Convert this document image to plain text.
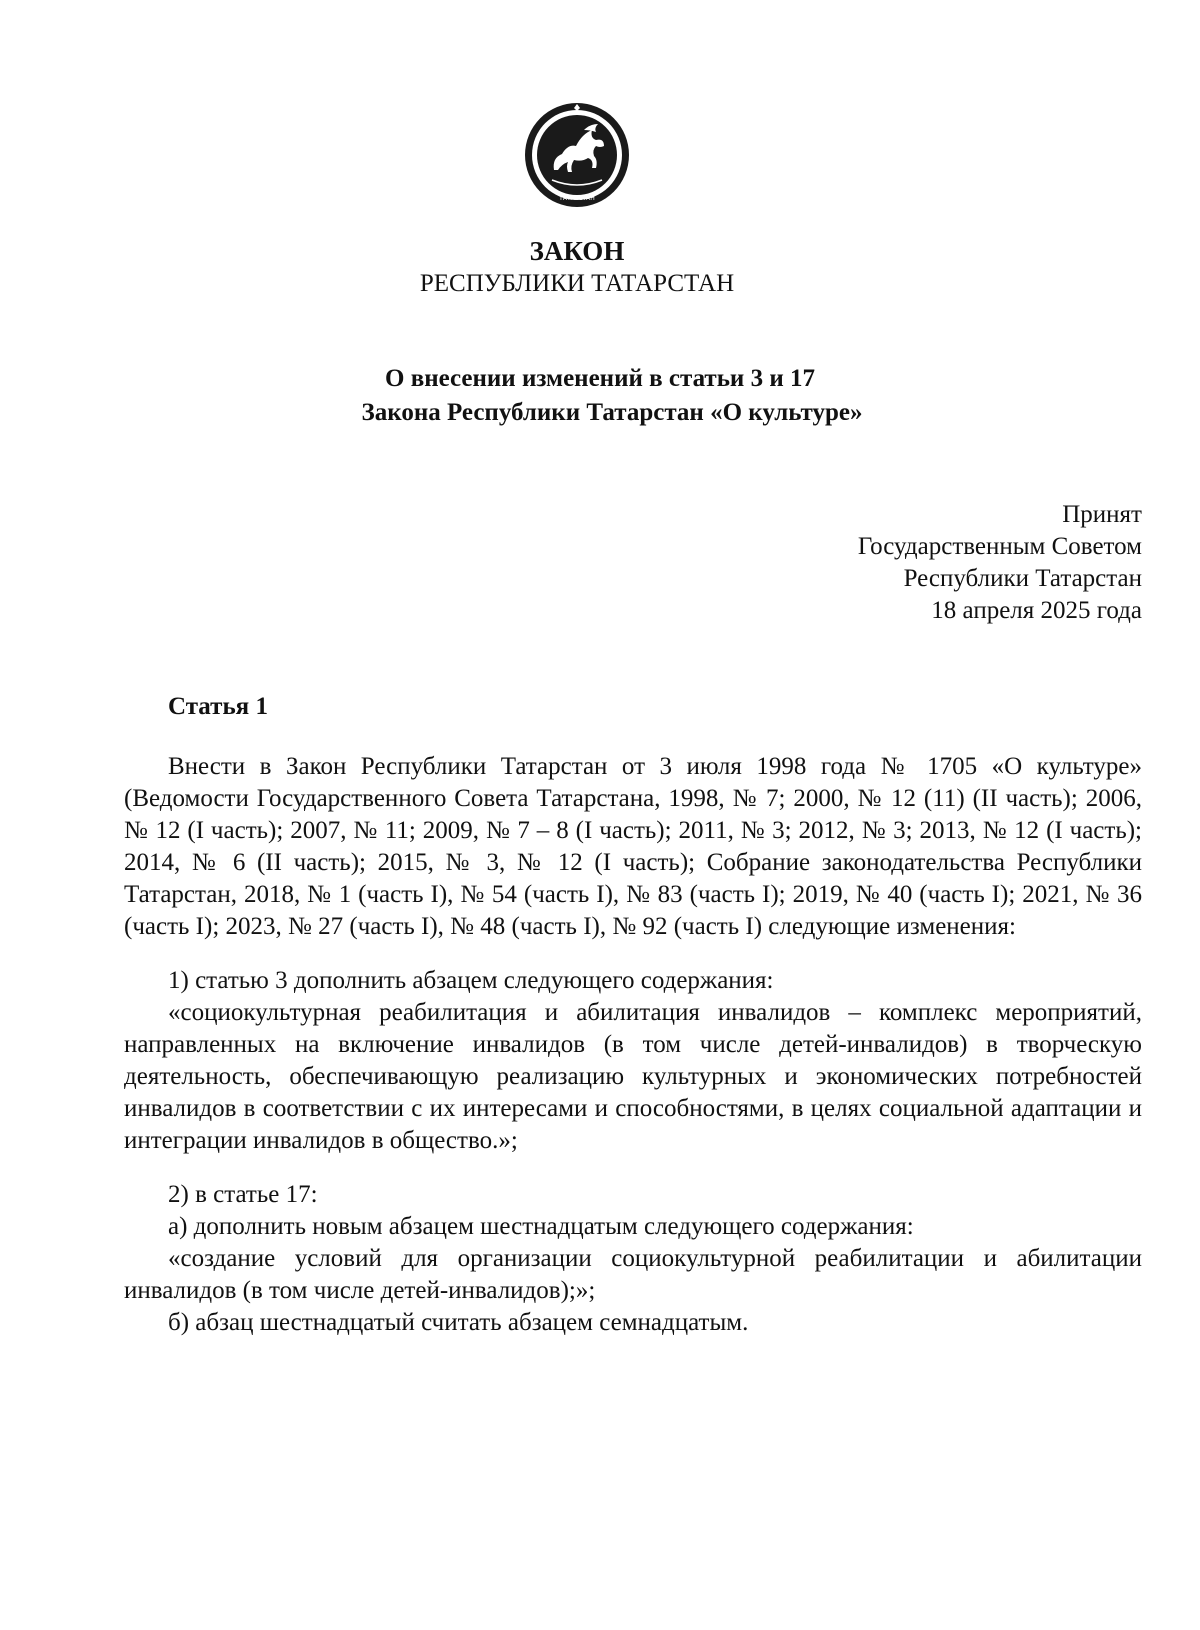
ТАТАРСТАН
ЗАКОН
РЕСПУБЛИКИ ТАТАРСТАН
О внесении изменений в статьи 3 и 17
Закона Республики Татарстан «О культуре»
Принят
Государственным Советом
Республики Татарстан
18 апреля 2025 года
Статья 1

Внести в Закон Республики Татарстан от 3 июля 1998 года № 1705 «О культуре» (Ведомости Государственного Совета Татарстана, 1998, № 7; 2000, № 12 (11) (II часть); 2006, № 12 (I часть); 2007, № 11; 2009, № 7 – 8 (I часть); 2011, № 3; 2012, № 3; 2013, № 12 (I часть); 2014, № 6 (II часть); 2015, № 3, № 12 (I часть); Собрание законодательства Республики Татарстан, 2018, № 1 (часть I), № 54 (часть I), № 83 (часть I); 2019, № 40 (часть I); 2021, № 36 (часть I); 2023, № 27 (часть I), № 48 (часть I), № 92 (часть I) следующие изменения:

1) статью 3 дополнить абзацем следующего содержания:

«социокультурная реабилитация и абилитация инвалидов – комплекс мероприятий, направленных на включение инвалидов (в том числе детей-инвалидов) в творческую деятельность, обеспечивающую реализацию культурных и экономических потребностей инвалидов в соответствии с их интересами и способностями, в целях социальной адаптации и интеграции инвалидов в общество.»;

2) в статье 17:

а) дополнить новым абзацем шестнадцатым следующего содержания:

«создание условий для организации социокультурной реабилитации и абилитации инвалидов (в том числе детей-инвалидов);»;

б) абзац шестнадцатый считать абзацем семнадцатым.
